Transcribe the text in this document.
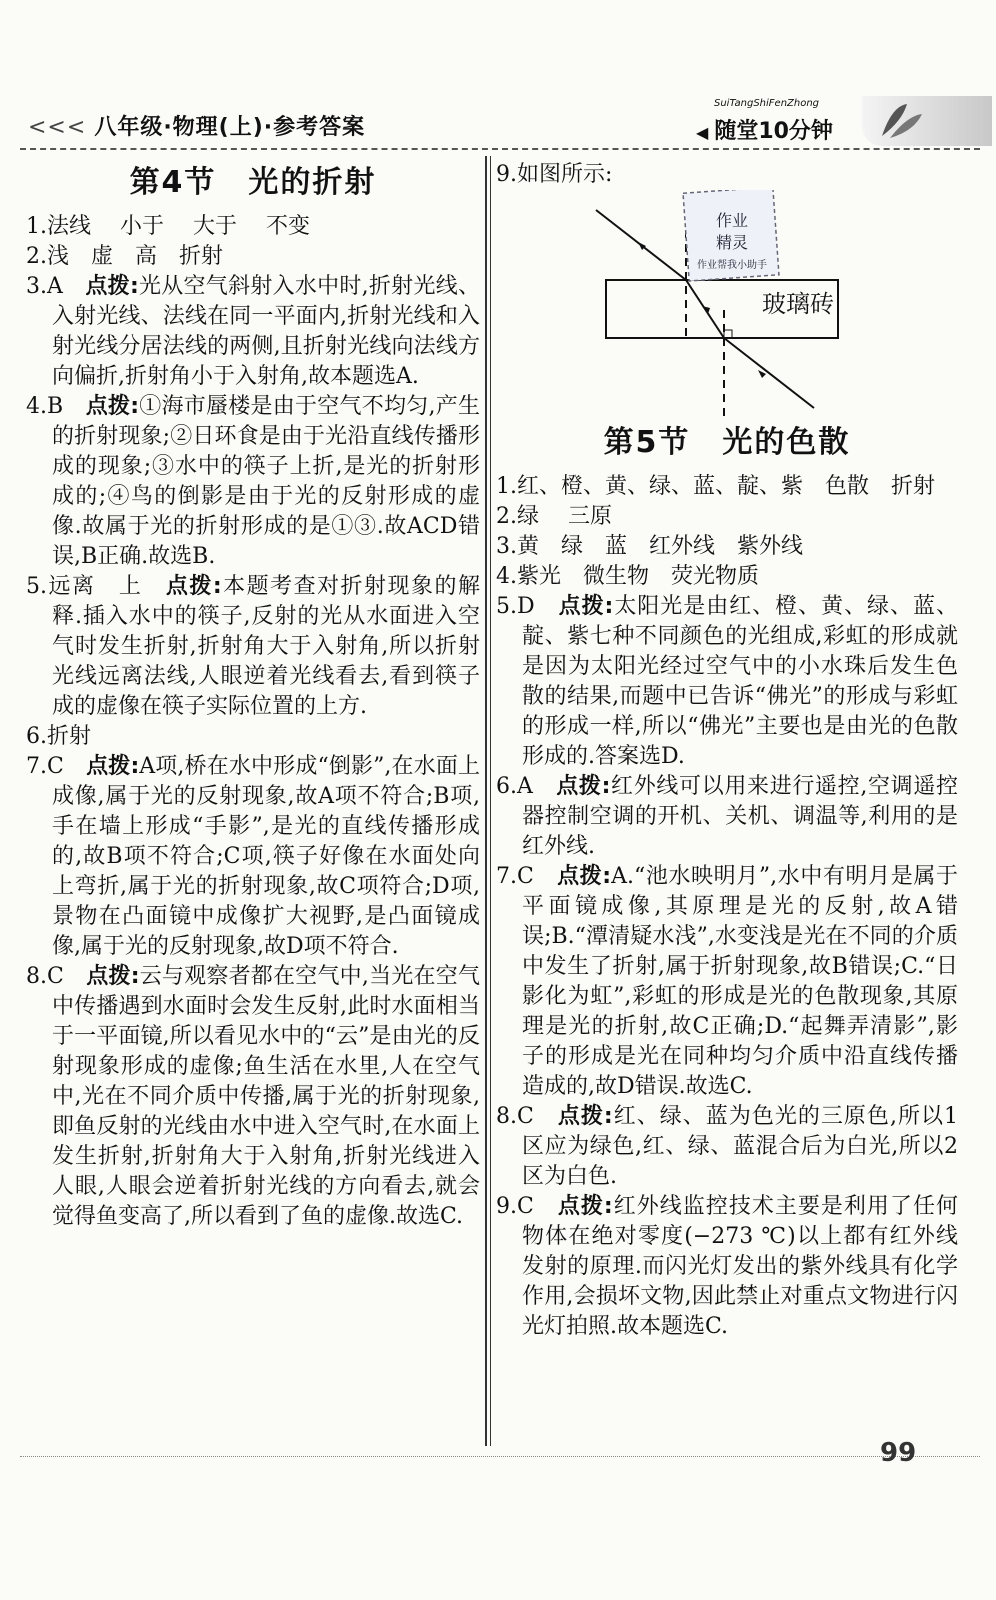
<<< 八年级·物理(上)·参考答案
SuiTangShiFenZhong
◀ 随堂10分钟
第4节　光的折射
1.法线　 小于　 大于　 不变
2.浅　虚　高　折射
3.A　 点拨:光从空气斜射入水中时,折射光线、入射光线、法线在同一平面内,折射光线和入射光线分居法线的两侧,且折射光线向法线方向偏折,折射角小于入射角,故本题选A.
4.B　 点拨:①海市蜃楼是由于空气不均匀,产生的折射现象;②日环食是由于光沿直线传播形成的现象;③水中的筷子上折,是光的折射形成的;④鸟的倒影是由于光的反射形成的虚像.故属于光的折射形成的是①③.故ACD错误,B正确.故选B.
5.远离　上　 点拨:本题考查对折射现象的解释.插入水中的筷子,反射的光从水面进入空气时发生折射,折射角大于入射角,所以折射光线远离法线,人眼逆着光线看去,看到筷子成的虚像在筷子实际位置的上方.
6.折射
7.C　 点拨:A项,桥在水中形成“倒影”,在水面上成像,属于光的反射现象,故A项不符合;B项,手在墙上形成“手影”,是光的直线传播形成的,故B项不符合;C项,筷子好像在水面处向上弯折,属于光的折射现象,故C项符合;D项,景物在凸面镜中成像扩大视野,是凸面镜成像,属于光的反射现象,故D项不符合.
8.C　 点拨:云与观察者都在空气中,当光在空气中传播遇到水面时会发生反射,此时水面相当于一平面镜,所以看见水中的“云”是由光的反射现象形成的虚像;鱼生活在水里,人在空气中,光在不同介质中传播,属于光的折射现象,即鱼反射的光线由水中进入空气时,在水面上发生折射,折射角大于入射角,折射光线进入人眼,人眼会逆着折射光线的方向看去,就会觉得鱼变高了,所以看到了鱼的虚像.故选C.
9.如图所示:
作业
精灵
作业帮我小助手
玻璃砖
第5节　光的色散
1.红、橙、黄、绿、蓝、靛、紫　色散　折射
2.绿　 三原
3.黄　绿　蓝　红外线　紫外线
4.紫光　微生物　荧光物质
5.D　 点拨:太阳光是由红、橙、黄、绿、蓝、靛、紫七种不同颜色的光组成,彩虹的形成就是因为太阳光经过空气中的小水珠后发生色散的结果,而题中已告诉“佛光”的形成与彩虹的形成一样,所以“佛光”主要也是由光的色散形成的.答案选D.
6.A　 点拨:红外线可以用来进行遥控,空调遥控器控制空调的开机、关机、调温等,利用的是红外线.
7.C　 点拨:A.“池水映明月”,水中有明月是属于平面镜成像,其原理是光的反射,故A错误;B.“潭清疑水浅”,水变浅是光在不同的介质中发生了折射,属于折射现象,故B错误;C.“日影化为虹”,彩虹的形成是光的色散现象,其原理是光的折射,故C正确;D.“起舞弄清影”,影子的形成是光在同种均匀介质中沿直线传播造成的,故D错误.故选C.
8.C　 点拨:红、绿、蓝为色光的三原色,所以1区应为绿色,红、绿、蓝混合后为白光,所以2区为白色.
9.C　 点拨:红外线监控技术主要是利用了任何物体在绝对零度(−273 ℃)以上都有红外线发射的原理.而闪光灯发出的紫外线具有化学作用,会损坏文物,因此禁止对重点文物进行闪光灯拍照.故本题选C.
99
